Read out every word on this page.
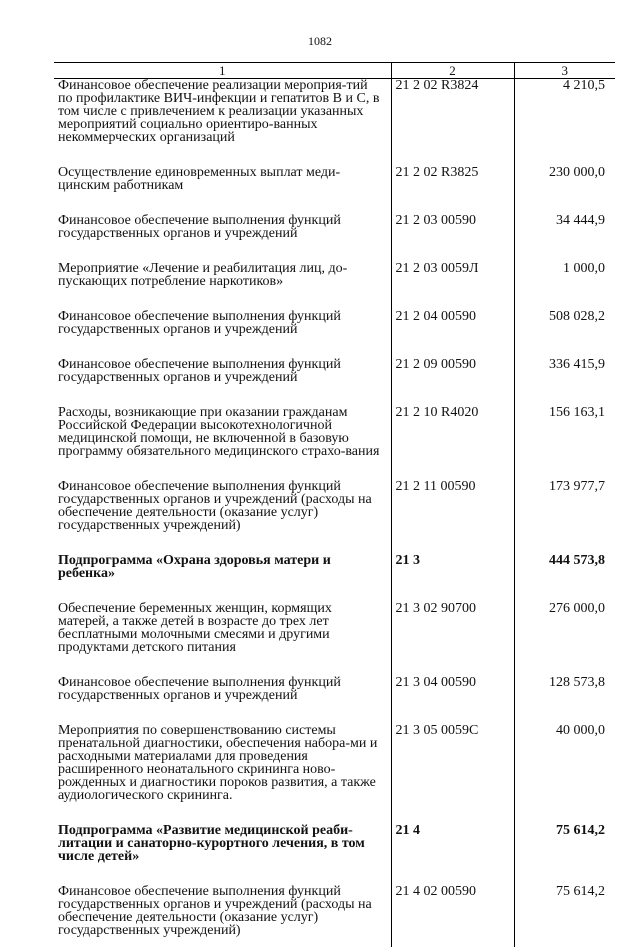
1082
1	2	3
Финансовое обеспечение реализации мероприя-тий по профилактике ВИЧ-инфекции и гепатитов В и С, в том числе с привлечением к реализации указанных мероприятий социально ориентиро-ванных некоммерческих организаций	21 2 02 R3824	4 210,5
Осуществление единовременных выплат меди-цинским работникам	21 2 02 R3825	230 000,0
Финансовое обеспечение выполнения функций государственных органов и учреждений	21 2 03 00590	34 444,9
Мероприятие «Лечение и реабилитация лиц, до-пускающих потребление наркотиков»	21 2 03 0059Л	1 000,0
Финансовое обеспечение выполнения функций государственных органов и учреждений	21 2 04 00590	508 028,2
Финансовое обеспечение выполнения функций государственных органов и учреждений	21 2 09 00590	336 415,9
Расходы, возникающие при оказании гражданам Российской Федерации высокотехнологичной медицинской помощи, не включенной в базовую программу обязательного медицинского страхо-вания	21 2 10 R4020	156 163,1
Финансовое обеспечение выполнения функций государственных органов и учреждений (расходы на обеспечение деятельности (оказание услуг) государственных учреждений)	21 2 11 00590	173 977,7
Подпрограмма «Охрана здоровья матери и ребенка»	21 3	444 573,8
Обеспечение беременных женщин, кормящих матерей, а также детей в возрасте до трех лет бесплатными молочными смесями и другими продуктами детского питания	21 3 02 90700	276 000,0
Финансовое обеспечение выполнения функций государственных органов и учреждений	21 3 04 00590	128 573,8
Мероприятия по совершенствованию системы пренатальной диагностики, обеспечения набора-ми и расходными материалами для проведения расширенного неонатального скрининга ново-рожденных и диагностики пороков развития, а также аудиологического скрининга.	21 3 05 0059С	40 000,0
Подпрограмма «Развитие медицинской реаби-литации и санаторно-курортного лечения, в том числе детей»	21 4	75 614,2
Финансовое обеспечение выполнения функций государственных органов и учреждений (расходы на обеспечение деятельности (оказание услуг) государственных учреждений)	21 4 02 00590	75 614,2
